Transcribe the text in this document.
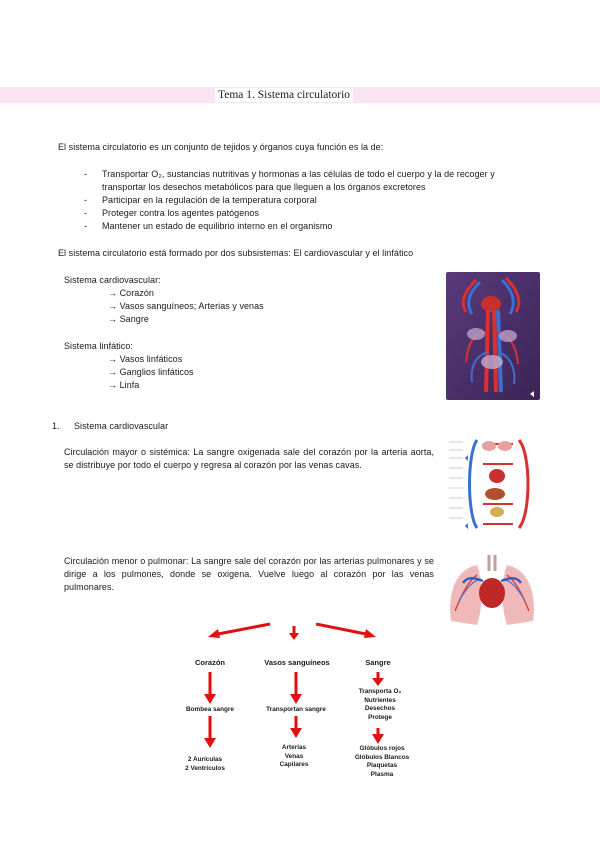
Tema 1. Sistema circulatorio
El sistema circulatorio es un conjunto de tejidos y órganos cuya función es la de:
-	Transportar O₂, sustancias nutritivas y hormonas a las células de todo el cuerpo y la de recoger y
transportar los desechos metabólicos para que lleguen a los órganos excretores
-	Participar en la regulación de la temperatura corporal
-	Proteger contra los agentes patógenos
-	Mantener un estado de equilibrio interno en el organismo
El sistema circulatorio está formado por dos subsistemas: El cardiovascular y el linfático
Sistema cardiovascular:
→ Corazón
→ Vasos sanguíneos; Arterias y venas
→ Sangre
Sistema linfático:
→ Vasos linfáticos
→ Ganglios linfáticos
→ Linfa
1. Sistema cardiovascular
Circulación mayor o sistémica: La sangre oxigenada sale del corazón por la arteria aorta, se distribuye por todo el cuerpo y regresa al corazón por las venas cavas.
Circulación menor o pulmonar: La sangre sale del corazón por las arterias pulmonares y se dirige a los pulmones, donde se oxigena. Vuelve luego al corazón por las venas pulmonares.
Corazón	Vasos sanguíneos	Sangre
Bombea sangre	Transportan sangre
Transporta O₂
Nutrientes
Desechos
Protege
2 Aurículas
2 Ventrículos
Arterias
Venas
Capilares
Glóbulos rojos
Glóbulos Blancos
Plaquetas
Plasma
